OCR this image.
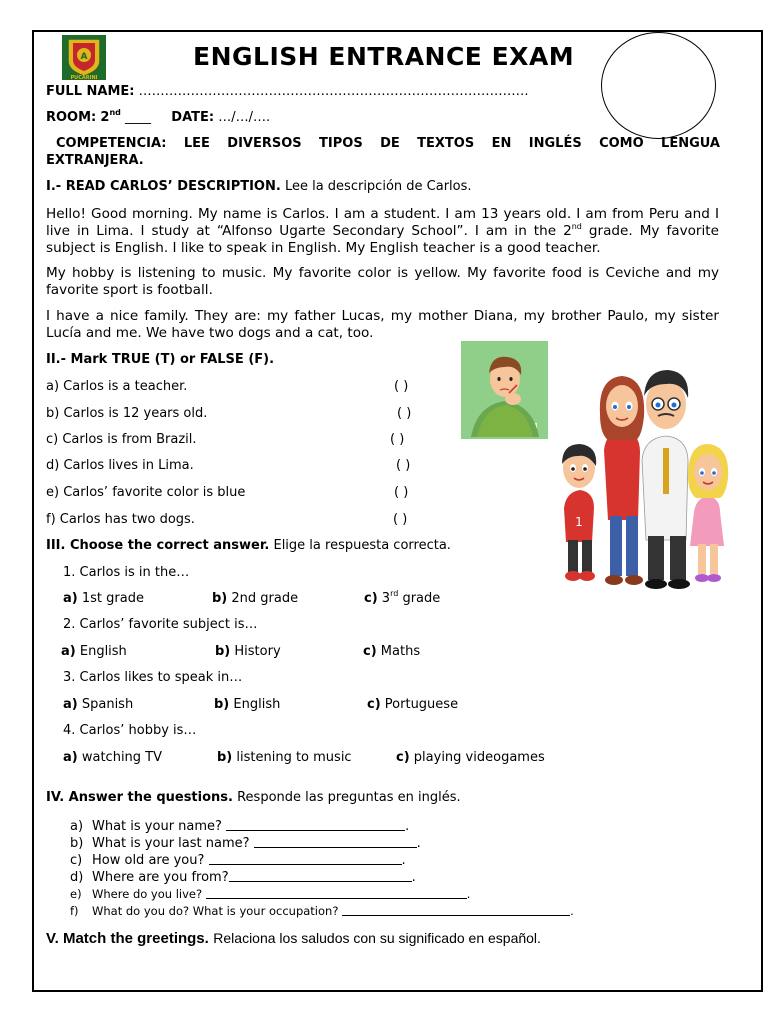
A
PUCARINI
ENGLISH ENTRANCE EXAM
FULL NAME: ………………………………………………………………………………
ROOM: 2nd ____ DATE: …/…/….
COMPETENCIA: LEE DIVERSOS TIPOS DE TEXTOS EN INGLÉS COMO LENGUA
EXTRANJERA.
I.- READ CARLOS’ DESCRIPTION. Lee la descripción de Carlos.
Hello! Good morning. My name is Carlos. I am a student. I am 13 years old. I am from Peru and I live in Lima. I study at “Alfonso Ugarte Secondary School”. I am in the 2nd grade. My favorite subject is English. I like to speak in English. My English teacher is a good teacher.
My hobby is listening to music. My favorite color is yellow. My favorite food is Ceviche and my favorite sport is football.
I have a nice family. They are: my father Lucas, my mother Diana, my brother Paulo, my sister Lucía and me. We have two dogs and a cat, too.
II.- Mark TRUE (T) or FALSE (F).
a) Carlos is a teacher.	( )
b) Carlos is 12 years old.	( )
c) Carlos is from Brazil.	( )
d) Carlos lives in Lima.	( )
e) Carlos’ favorite color is blue	( )
f) Carlos has two dogs.	( )	1
III. Choose the correct answer. Elige la respuesta correcta.
1. Carlos is in the…
a) 1st grade	b) 2nd grade	c) 3rd grade
2. Carlos’ favorite subject is…
a) English	b) History	c) Maths
3. Carlos likes to speak in…
a) Spanish	b) English	c) Portuguese
4. Carlos’ hobby is…
a) watching TV	b) listening to music	c) playing videogames
IV. Answer the questions. Responde las preguntas en inglés.
a) What is your name?	.
b) What is your last name?	.
c) How old are you?	.
d) Where are you from?	.
e) Where do you live?	.
f) What do you do? What is your occupation?	.
V. Match the greetings. Relaciona los saludos con su significado en español.
